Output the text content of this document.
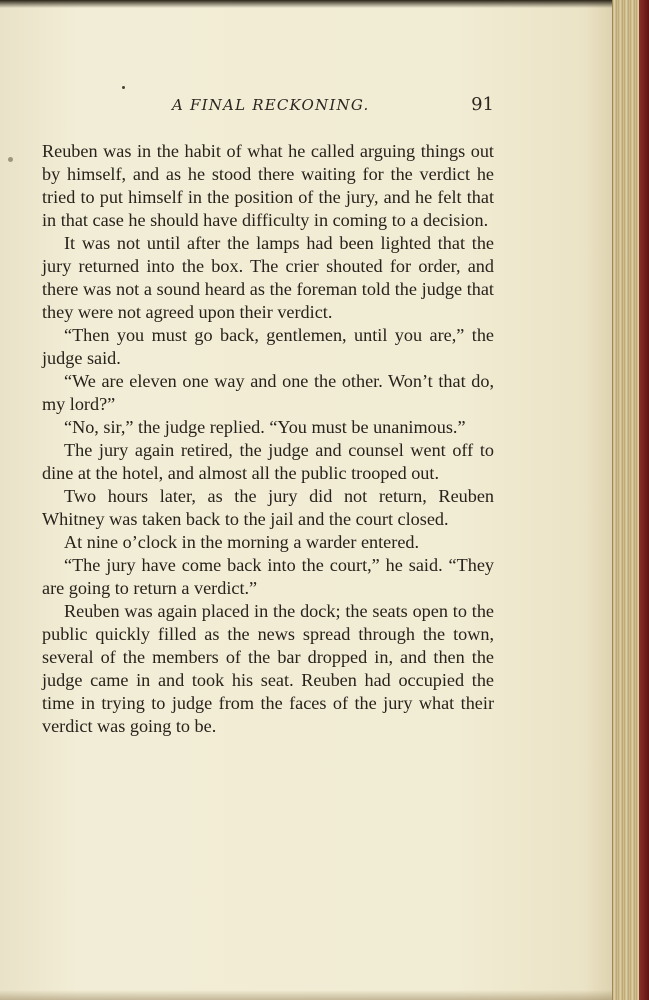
A FINAL RECKONING.	91

Reuben was in the habit of what he called arguing things out by himself, and as he stood there waiting for the verdict he tried to put himself in the position of the jury, and he felt that in that case he should have difficulty in coming to a decision.

It was not until after the lamps had been lighted that the jury returned into the box. The crier shouted for order, and there was not a sound heard as the foreman told the judge that they were not agreed upon their verdict.

“Then you must go back, gentlemen, until you are,” the judge said.

“We are eleven one way and one the other. Won’t that do, my lord?”

“No, sir,” the judge replied. “You must be unanimous.”

The jury again retired, the judge and counsel went off to dine at the hotel, and almost all the public trooped out.

Two hours later, as the jury did not return, Reuben Whitney was taken back to the jail and the court closed.

At nine o’clock in the morning a warder entered.

“The jury have come back into the court,” he said. “They are going to return a verdict.”

Reuben was again placed in the dock; the seats open to the public quickly filled as the news spread through the town, several of the members of the bar dropped in, and then the judge came in and took his seat. Reuben had occupied the time in trying to judge from the faces of the jury what their verdict was going to be.
